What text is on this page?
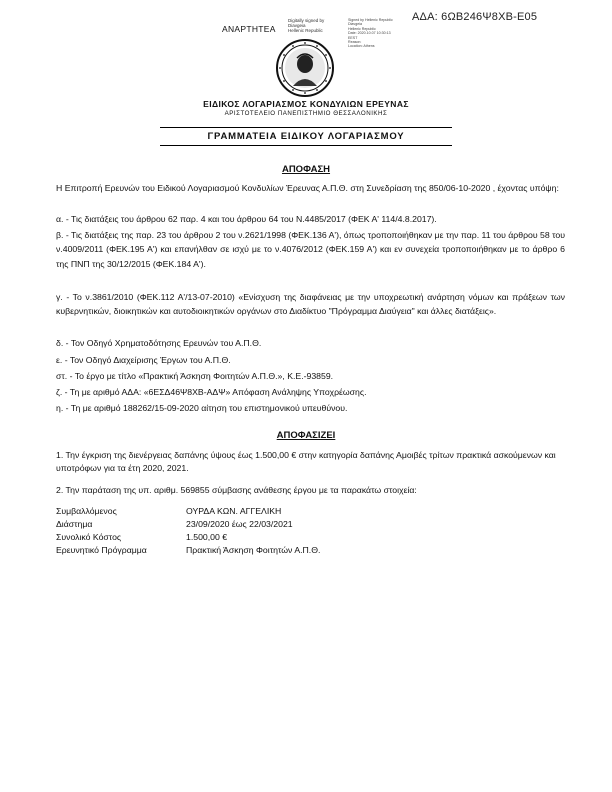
ΑΔΑ: 6ΩΒ246Ψ8ΧΒ-Ε05
ΑΝΑΡΤΗΤΕΑ
Digitally signed by
Diavgeia
Hellenic Republic
Signed by Hellenic Republic
Diavgeia
Hellenic Republic
Date: 2020.10.07 10:30:13
EEST
Reason:
Location: Athens
ΕΙΔΙΚΟΣ ΛΟΓΑΡΙΑΣΜΟΣ ΚΟΝΔΥΛΙΩΝ ΕΡΕΥΝΑΣ
ΑΡΙΣΤΟΤΕΛΕΙΟ ΠΑΝΕΠΙΣΤΗΜΙΟ ΘΕΣΣΑΛΟΝΙΚΗΣ
ΓΡΑΜΜΑΤΕΙΑ ΕΙΔΙΚΟΥ ΛΟΓΑΡΙΑΣΜΟΥ
ΑΠΟΦΑΣΗ
Η Επιτροπή Ερευνών του Ειδικού Λογαριασμού Κονδυλίων Έρευνας Α.Π.Θ. στη Συνεδρίαση της 850/06-10-2020 , έχοντας υπόψη:
α. - Τις διατάξεις του άρθρου 62 παρ. 4 και του άρθρου 64 του Ν.4485/2017 (ΦΕΚ Α' 114/4.8.2017).
β. - Τις διατάξεις της παρ. 23 του άρθρου 2 του ν.2621/1998 (ΦΕΚ.136 Α'), όπως τροποποιήθηκαν με την παρ. 11 του άρθρου 58 του ν.4009/2011 (ΦΕΚ.195 Α') και επανήλθαν σε ισχύ με το ν.4076/2012 (ΦΕΚ.159 Α') και εν συνεχεία τροποποιήθηκαν με το άρθρο 6 της ΠΝΠ της 30/12/2015 (ΦΕΚ.184 Α').
γ. - Το ν.3861/2010 (ΦΕΚ.112 Α'/13-07-2010) «Ενίσχυση της διαφάνειας με την υποχρεωτική ανάρτηση νόμων και πράξεων των κυβερνητικών, διοικητικών και αυτοδιοικητικών οργάνων στο Διαδίκτυο "Πρόγραμμα Διαύγεια" και άλλες διατάξεις».
δ. - Τον Οδηγό Χρηματοδότησης Ερευνών του Α.Π.Θ.
ε. - Τον Οδηγό Διαχείρισης Έργων του Α.Π.Θ.
στ. - Το έργο με τίτλο «Πρακτική Άσκηση Φοιτητών Α.Π.Θ.», Κ.Ε.-93859.
ζ. - Τη με αριθμό ΑΔΑ: «6ΕΣΔ46Ψ8ΧΒ-ΑΔΨ» Απόφαση Ανάληψης Υποχρέωσης.
η. - Τη με αριθμό 188262/15-09-2020 αίτηση του επιστημονικού υπευθύνου.
ΑΠΟΦΑΣΙΖΕΙ
1. Την έγκριση της διενέργειας δαπάνης ύψους έως 1.500,00 € στην κατηγορία δαπάνης Αμοιβές τρίτων πρακτικά ασκούμενων και υποτρόφων για τα έτη 2020, 2021.
2. Την παράταση της υπ. αριθμ. 569855 σύμβασης ανάθεσης έργου με τα παρακάτω στοιχεία:
Συμβαλλόμενος	ΟΥΡΔΑ ΚΩΝ. ΑΓΓΕΛΙΚΗ
Διάστημα	23/09/2020 έως 22/03/2021
Συνολικό Κόστος	1.500,00 €
Ερευνητικό Πρόγραμμα	Πρακτική Άσκηση Φοιτητών Α.Π.Θ.
